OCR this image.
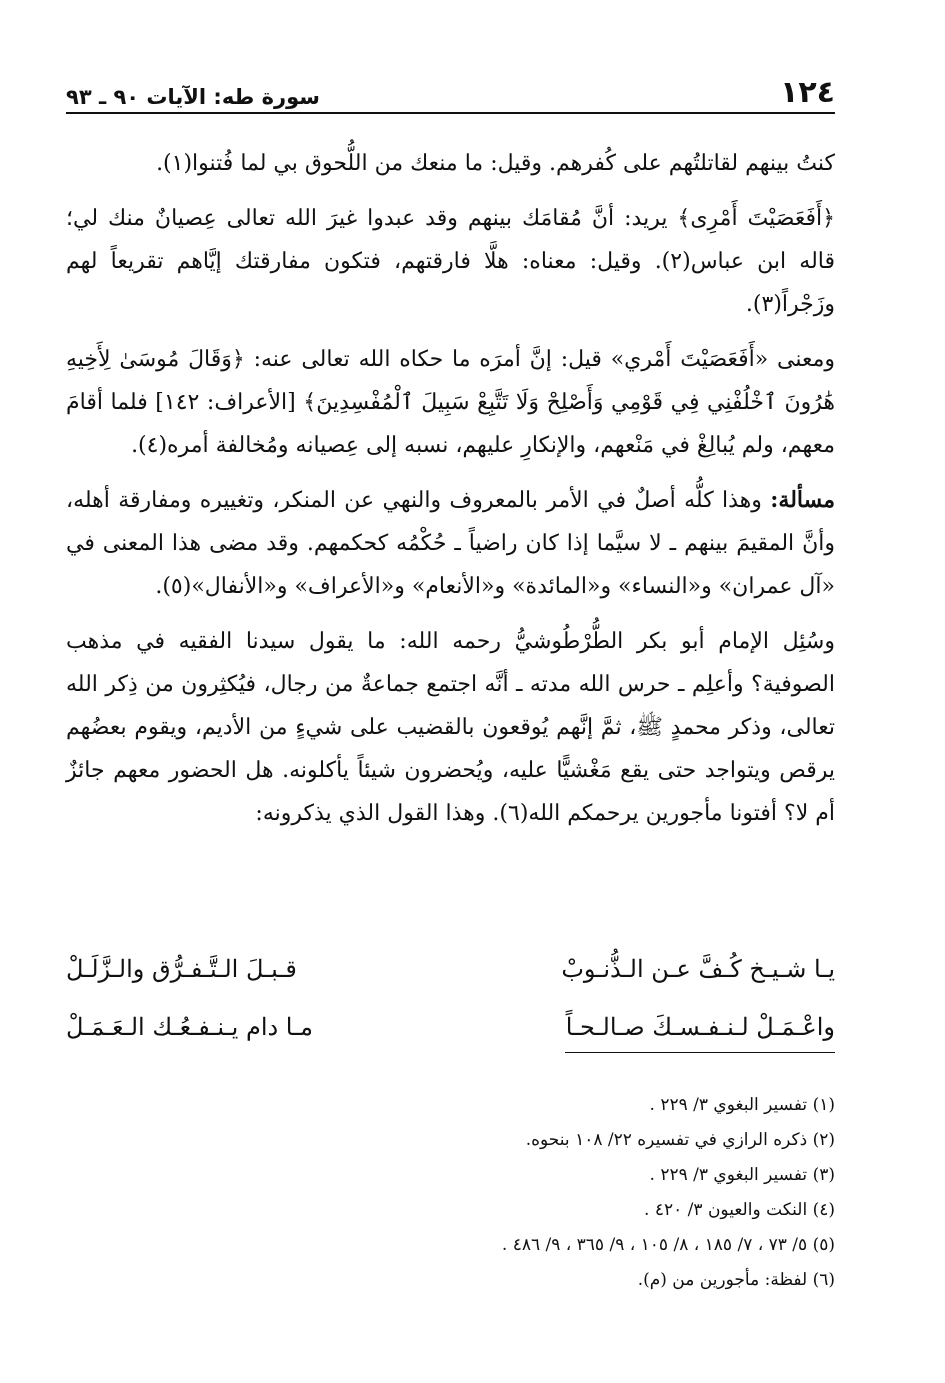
١٢٤
سورة طه: الآيات ٩٠ ـ ٩٣

كنتُ بينهم لقاتلتُهم على كُفرهم. وقيل: ما منعك من اللُّحوق بي لما فُتنوا(١).

﴿أَفَعَصَيْتَ أَمْرِى﴾ يريد: أنَّ مُقامَك بينهم وقد عبدوا غيرَ الله تعالى عِصيانٌ منك لي؛ قاله ابن عباس(٢). وقيل: معناه: هلَّا فارقتهم، فتكون مفارقتك إيَّاهم تقريعاً لهم وزَجْراً(٣).

ومعنى «أَفَعَصَيْتَ أَمْري» قيل: إنَّ أمرَه ما حكاه الله تعالى عنه: ﴿وَقَالَ مُوسَىٰ لِأَخِيهِ هَٰرُونَ ٱخْلُفْنِي فِي قَوْمِي وَأَصْلِحْ وَلَا تَتَّبِعْ سَبِيلَ ٱلْمُفْسِدِينَ﴾ [الأعراف: ١٤٢] فلما أقامَ معهم، ولم يُبالِغْ في مَنْعهم، والإنكارِ عليهم، نسبه إلى عِصيانه ومُخالفة أمره(٤).

مسألة: وهذا كلُّه أصلٌ في الأمر بالمعروف والنهي عن المنكر، وتغييره ومفارقة أهله، وأنَّ المقيمَ بينهم ـ لا سيَّما إذا كان راضياً ـ حُكْمُه كحكمهم. وقد مضى هذا المعنى في «آل عمران» و«النساء» و«المائدة» و«الأنعام» و«الأعراف» و«الأنفال»(٥).

وسُئِل الإمام أبو بكر الطُّرْطُوشيُّ رحمه الله: ما يقول سيدنا الفقيه في مذهب الصوفية؟ وأعلِم ـ حرس الله مدته ـ أنَّه اجتمع جماعةٌ من رجال، فيُكثِرون من ذِكر الله تعالى، وذكر محمدٍ ﷺ، ثمَّ إنَّهم يُوقعون بالقضيب على شيءٍ من الأديم، ويقوم بعضُهم يرقص ويتواجد حتى يقع مَغْشيًّا عليه، ويُحضرون شيئاً يأكلونه. هل الحضور معهم جائزٌ أم لا؟ أفتونا مأجورين يرحمكم الله(٦). وهذا القول الذي يذكرونه:

يـا شـيـخ كُـفَّ عـن الـذُّنـوبْ
قـبـلَ الـتَّـفـرُّق والـزَّلَـلْ
واعْـمَـلْ لـنـفـسـكَ صـالـحـاً
مـا دام يـنـفـعُـك الـعَـمَـلْ
(١) تفسير البغوي ٣/ ٢٢٩ .
(٢) ذكره الرازي في تفسيره ٢٢/ ١٠٨ بنحوه.
(٣) تفسير البغوي ٣/ ٢٢٩ .
(٤) النكت والعيون ٣/ ٤٢٠ .
(٥) ٥/ ٧٣ ، ٧/ ١٨٥ ، ٨/ ١٠٥ ، ٩/ ٣٦٥ ، ٩/ ٤٨٦ .
(٦) لفظة: مأجورين من (م).
